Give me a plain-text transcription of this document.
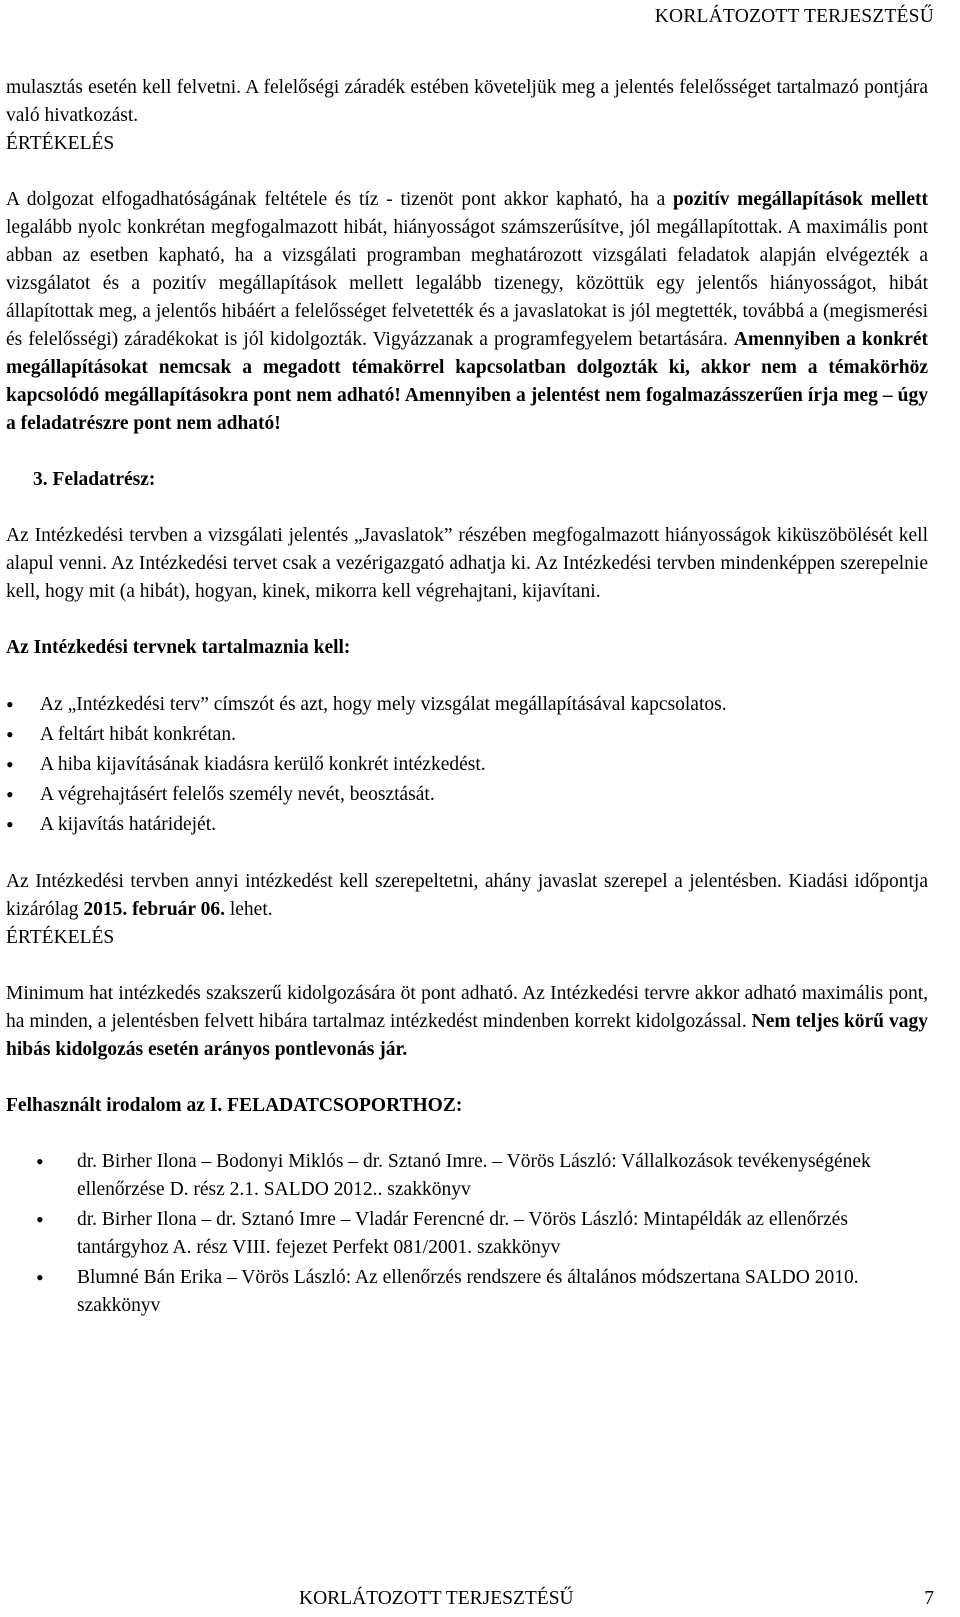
KORLÁTOZOTT TERJESZTÉSŰ

mulasztás esetén kell felvetni. A felelőségi záradék estében követeljük meg a jelentés felelősséget tartalmazó pontjára való hivatkozást.

ÉRTÉKELÉS

A dolgozat elfogadhatóságának feltétele és tíz - tizenöt pont akkor kapható, ha a pozitív megállapítások mellett legalább nyolc konkrétan megfogalmazott hibát, hiányosságot számszerűsítve, jól megállapítottak. A maximális pont abban az esetben kapható, ha a vizsgálati programban meghatározott vizsgálati feladatok alapján elvégezték a vizsgálatot és a pozitív megállapítások mellett legalább tizenegy, közöttük egy jelentős hiányosságot, hibát állapítottak meg, a jelentős hibáért a felelősséget felvetették és a javaslatokat is jól megtették, továbbá a (megismerési és felelősségi) záradékokat is jól kidolgozták. Vigyázzanak a programfegyelem betartására. Amennyiben a konkrét megállapításokat nemcsak a megadott témakörrel kapcsolatban dolgozták ki, akkor nem a témakörhöz kapcsolódó megállapításokra pont nem adható! Amennyiben a jelentést nem fogalmazásszerűen írja meg – úgy a feladatrészre pont nem adható!

3. Feladatrész:

Az Intézkedési tervben a vizsgálati jelentés „Javaslatok” részében megfogalmazott hiányosságok kiküszöbölését kell alapul venni. Az Intézkedési tervet csak a vezérigazgató adhatja ki. Az Intézkedési tervben mindenképpen szerepelnie kell, hogy mit (a hibát), hogyan, kinek, mikorra kell végrehajtani, kijavítani.

Az Intézkedési tervnek tartalmaznia kell:

• Az „Intézkedési terv” címszót és azt, hogy mely vizsgálat megállapításával kapcsolatos.
• A feltárt hibát konkrétan.
• A hiba kijavításának kiadásra kerülő konkrét intézkedést.
• A végrehajtásért felelős személy nevét, beosztását.
• A kijavítás határidejét.

Az Intézkedési tervben annyi intézkedést kell szerepeltetni, ahány javaslat szerepel a jelentésben. Kiadási időpontja kizárólag 2015. február 06. lehet.

ÉRTÉKELÉS

Minimum hat intézkedés szakszerű kidolgozására öt pont adható. Az Intézkedési tervre akkor adható maximális pont, ha minden, a jelentésben felvett hibára tartalmaz intézkedést mindenben korrekt kidolgozással. Nem teljes körű vagy hibás kidolgozás esetén arányos pontlevonás jár.

Felhasznált irodalom az I. FELADATCSOPORTHOZ:

• dr. Birher Ilona – Bodonyi Miklós – dr. Sztanó Imre. – Vörös László: Vállalkozások tevékenységének ellenőrzése D. rész 2.1. SALDO 2012.. szakkönyv
• dr. Birher Ilona – dr. Sztanó Imre – Vladár Ferencné dr. – Vörös László: Mintapéldák az ellenőrzés tantárgyhoz A. rész VIII. fejezet Perfekt 081/2001. szakkönyv
• Blumné Bán Erika – Vörös László: Az ellenőrzés rendszere és általános módszertana SALDO 2010. szakkönyv
KORLÁTOZOTT TERJESZTÉSŰ	7
